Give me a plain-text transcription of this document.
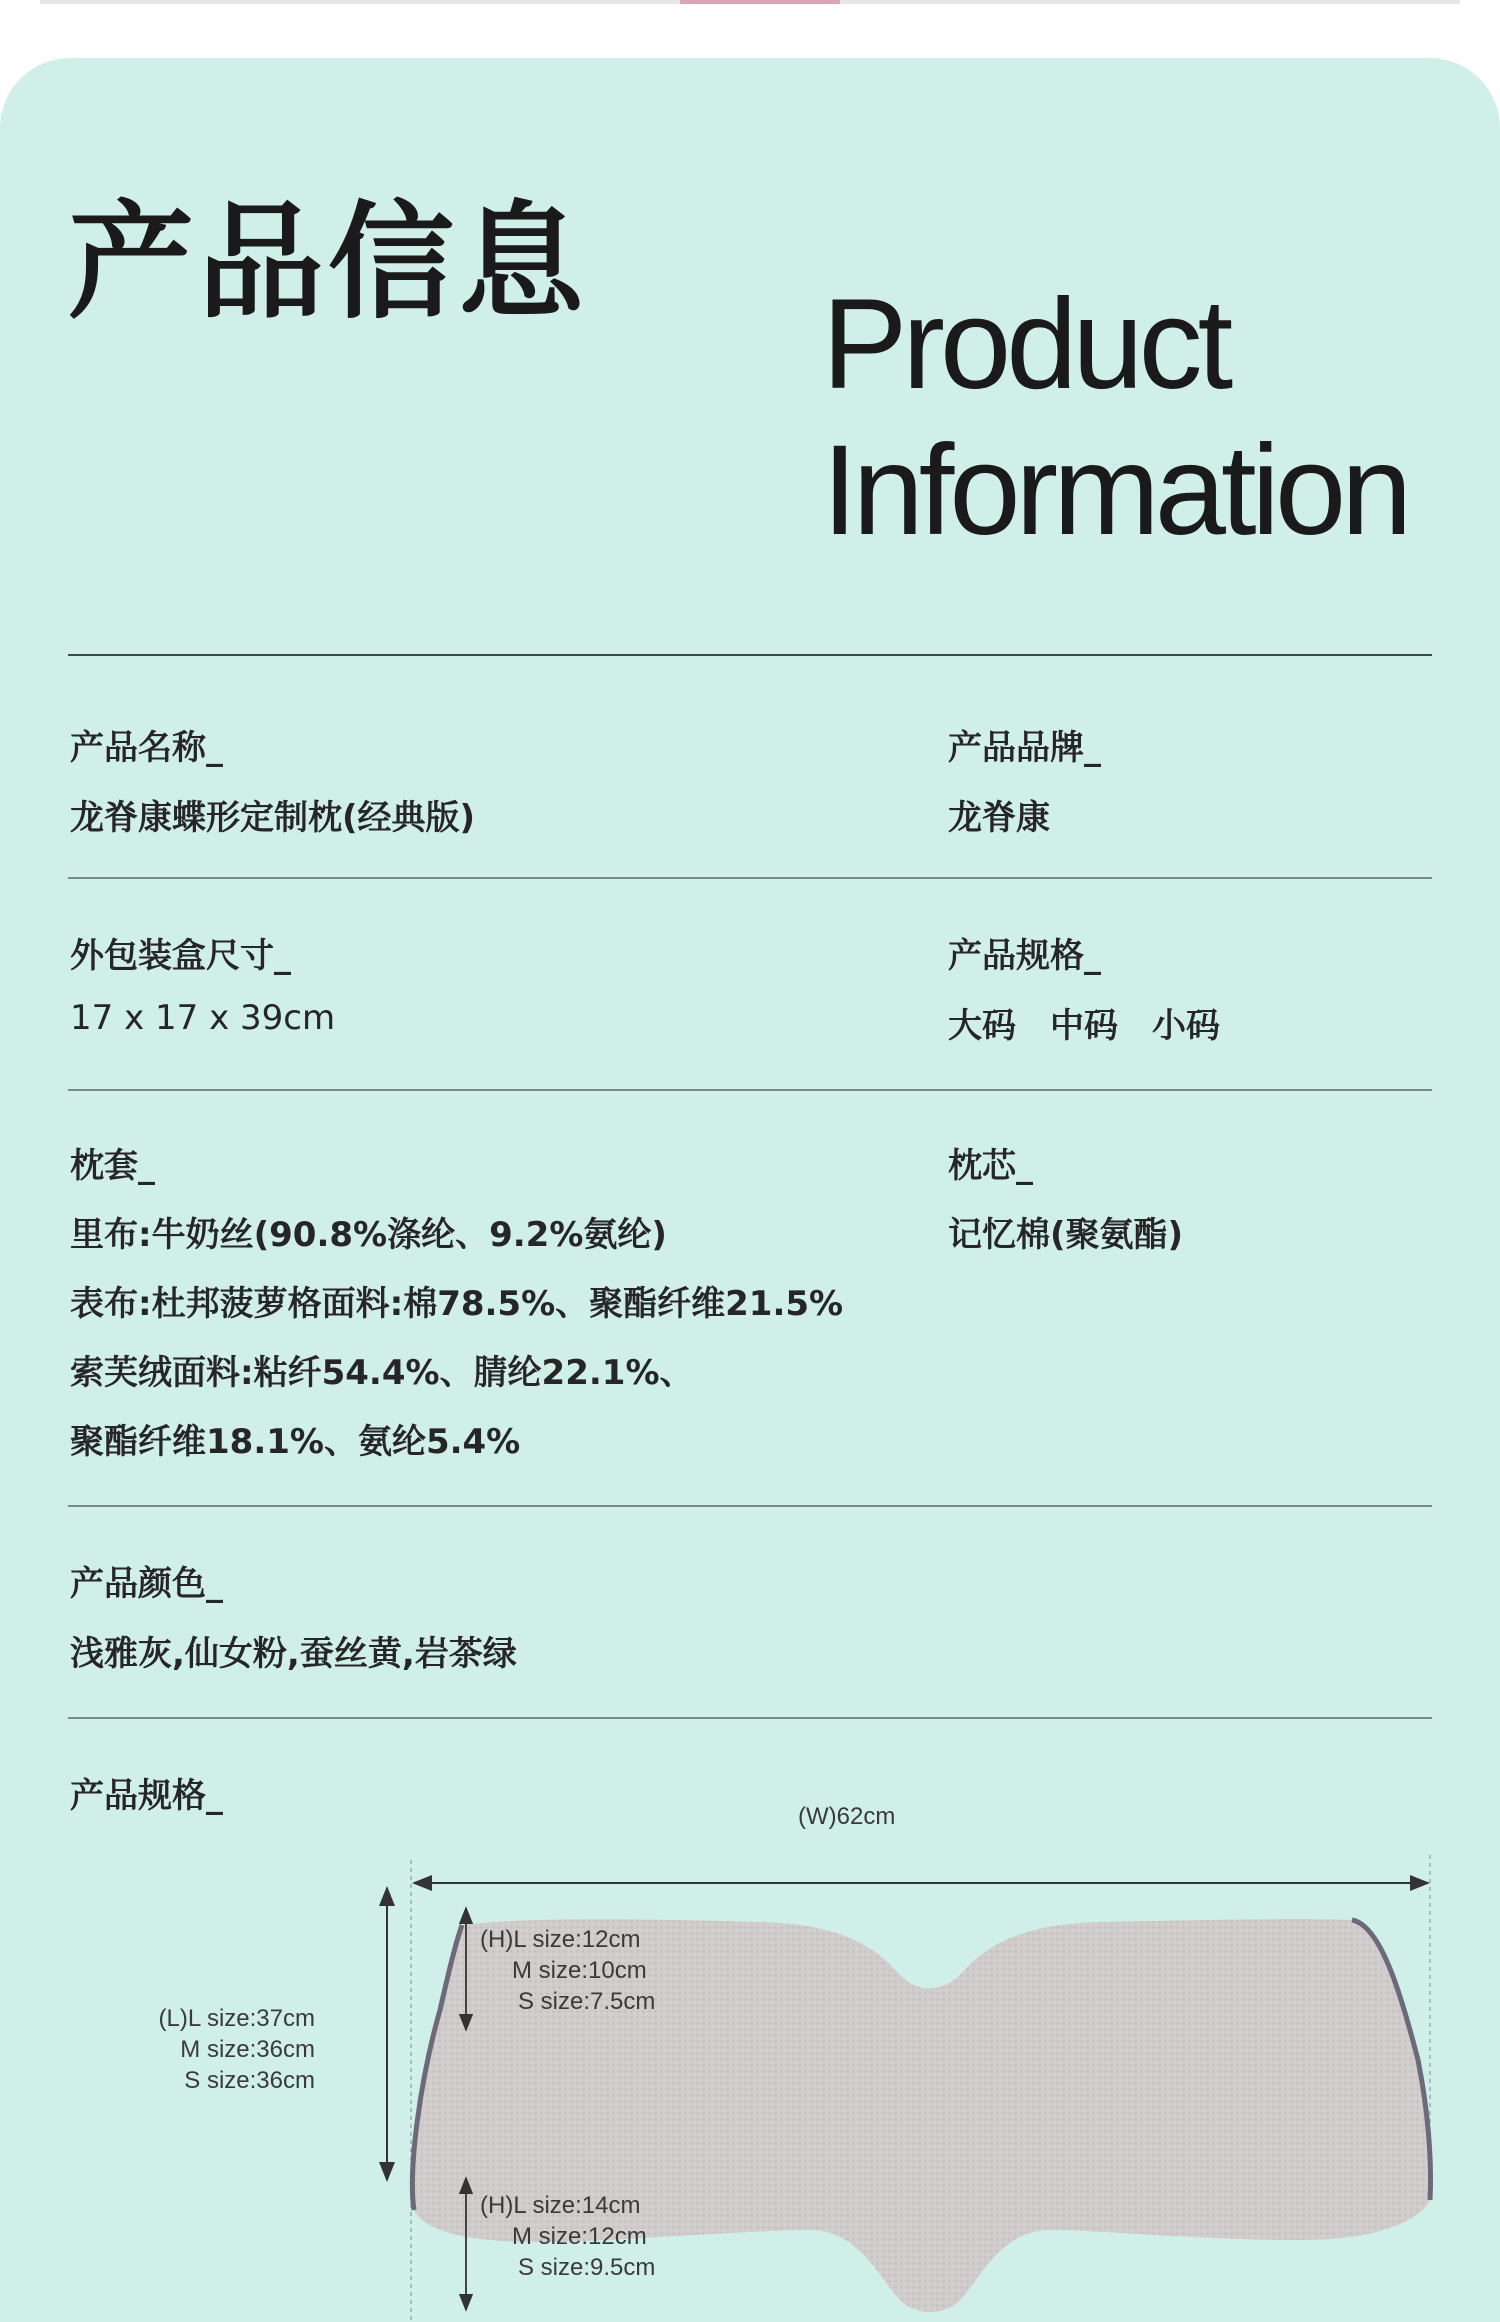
产品信息
Product
Information
产品名称_
龙脊康蝶形定制枕(经典版)
产品品牌_
龙脊康
外包装盒尺寸_
17 x 17 x 39cm
产品规格_
大码 中码 小码
枕套_
里布:牛奶丝(90.8%涤纶、9.2%氨纶)
表布:杜邦菠萝格面料:棉78.5%、聚酯纤维21.5%
索芙绒面料:粘纤54.4%、腈纶22.1%、
聚酯纤维18.1%、氨纶5.4%
枕芯_
记忆棉(聚氨酯)
产品颜色_
浅雅灰,仙女粉,蚕丝黄,岩茶绿
产品规格_
(W)62cm
(L)L size:37cm
M size:36cm
S size:36cm
(H)L size:12cm
M size:10cm
S size:7.5cm
(H)L size:14cm
M size:12cm
S size:9.5cm
